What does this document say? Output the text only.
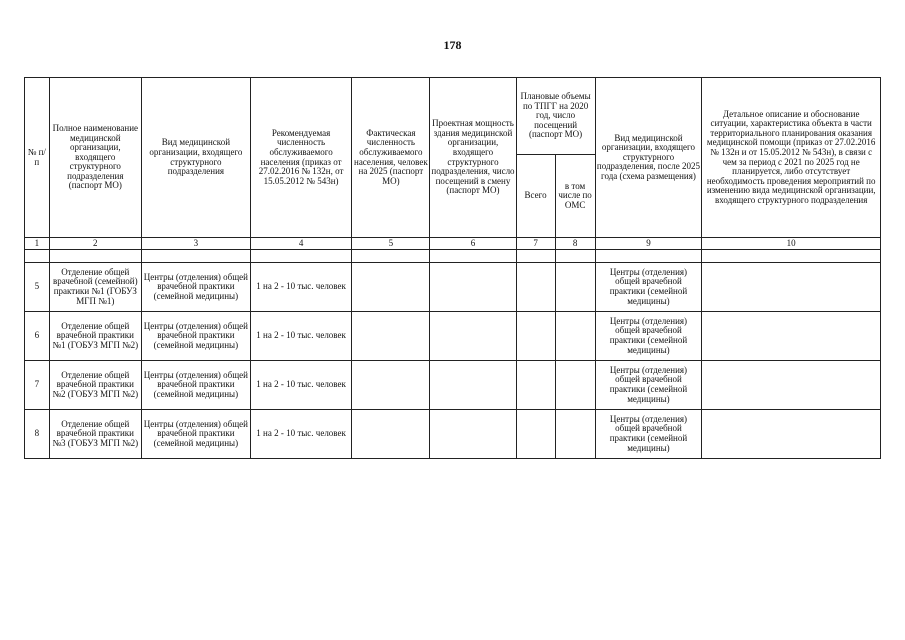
178
№ п/п	Полное наименование медицинской организации, входящего структурного подразделения (паспорт МО)	Вид медицинской организации, входящего структурного подразделения	Рекомендуемая численность обслуживаемого населения (приказ от 27.02.2016 № 132н, от 15.05.2012 № 543н)	Фактическая численность обслуживаемого населения, человек на 2025 (паспорт МО)	Проектная мощность здания медицинской организации, входящего структурного подразделения, число посещений в смену (паспорт МО)	Плановые объемы по ТПГГ на 2020 год, число посещений (паспорт МО)		Вид медицинской организации, входящего структурного подразделения, после 2025 года (схема размещения)	Детальное описание и обоснование ситуации, характеристика объекта в части территориального планирования оказания медицинской помощи (приказ от 27.02.2016 № 132н и от 15.05.2012 № 543н), в связи с чем за период с 2021 по 2025 год не планируется, либо отсутствует необходимость проведения мероприятий по изменению вида медицинской организации, входящего структурного подразделения
						Всего	в том числе по ОМС		
1	2	3	4	5	6	7	8	9	10

5	Отделение общей врачебной (семейной) практики №1 (ГОБУЗ МГП №1)	Центры (отделения) общей врачебной практики (семейной медицины)	1 на 2 - 10 тыс. человек					Центры (отделения) общей врачебной практики (семейной медицины)	
6	Отделение общей врачебной практики №1 (ГОБУЗ МГП №2)	Центры (отделения) общей врачебной практики (семейной медицины)	1 на 2 - 10 тыс. человек					Центры (отделения) общей врачебной практики (семейной медицины)	
7	Отделение общей врачебной практики №2 (ГОБУЗ МГП №2)	Центры (отделения) общей врачебной практики (семейной медицины)	1 на 2 - 10 тыс. человек					Центры (отделения) общей врачебной практики (семейной медицины)	
8	Отделение общей врачебной практики №3 (ГОБУЗ МГП №2)	Центры (отделения) общей врачебной практики (семейной медицины)	1 на 2 - 10 тыс. человек					Центры (отделения) общей врачебной практики (семейной медицины)	
